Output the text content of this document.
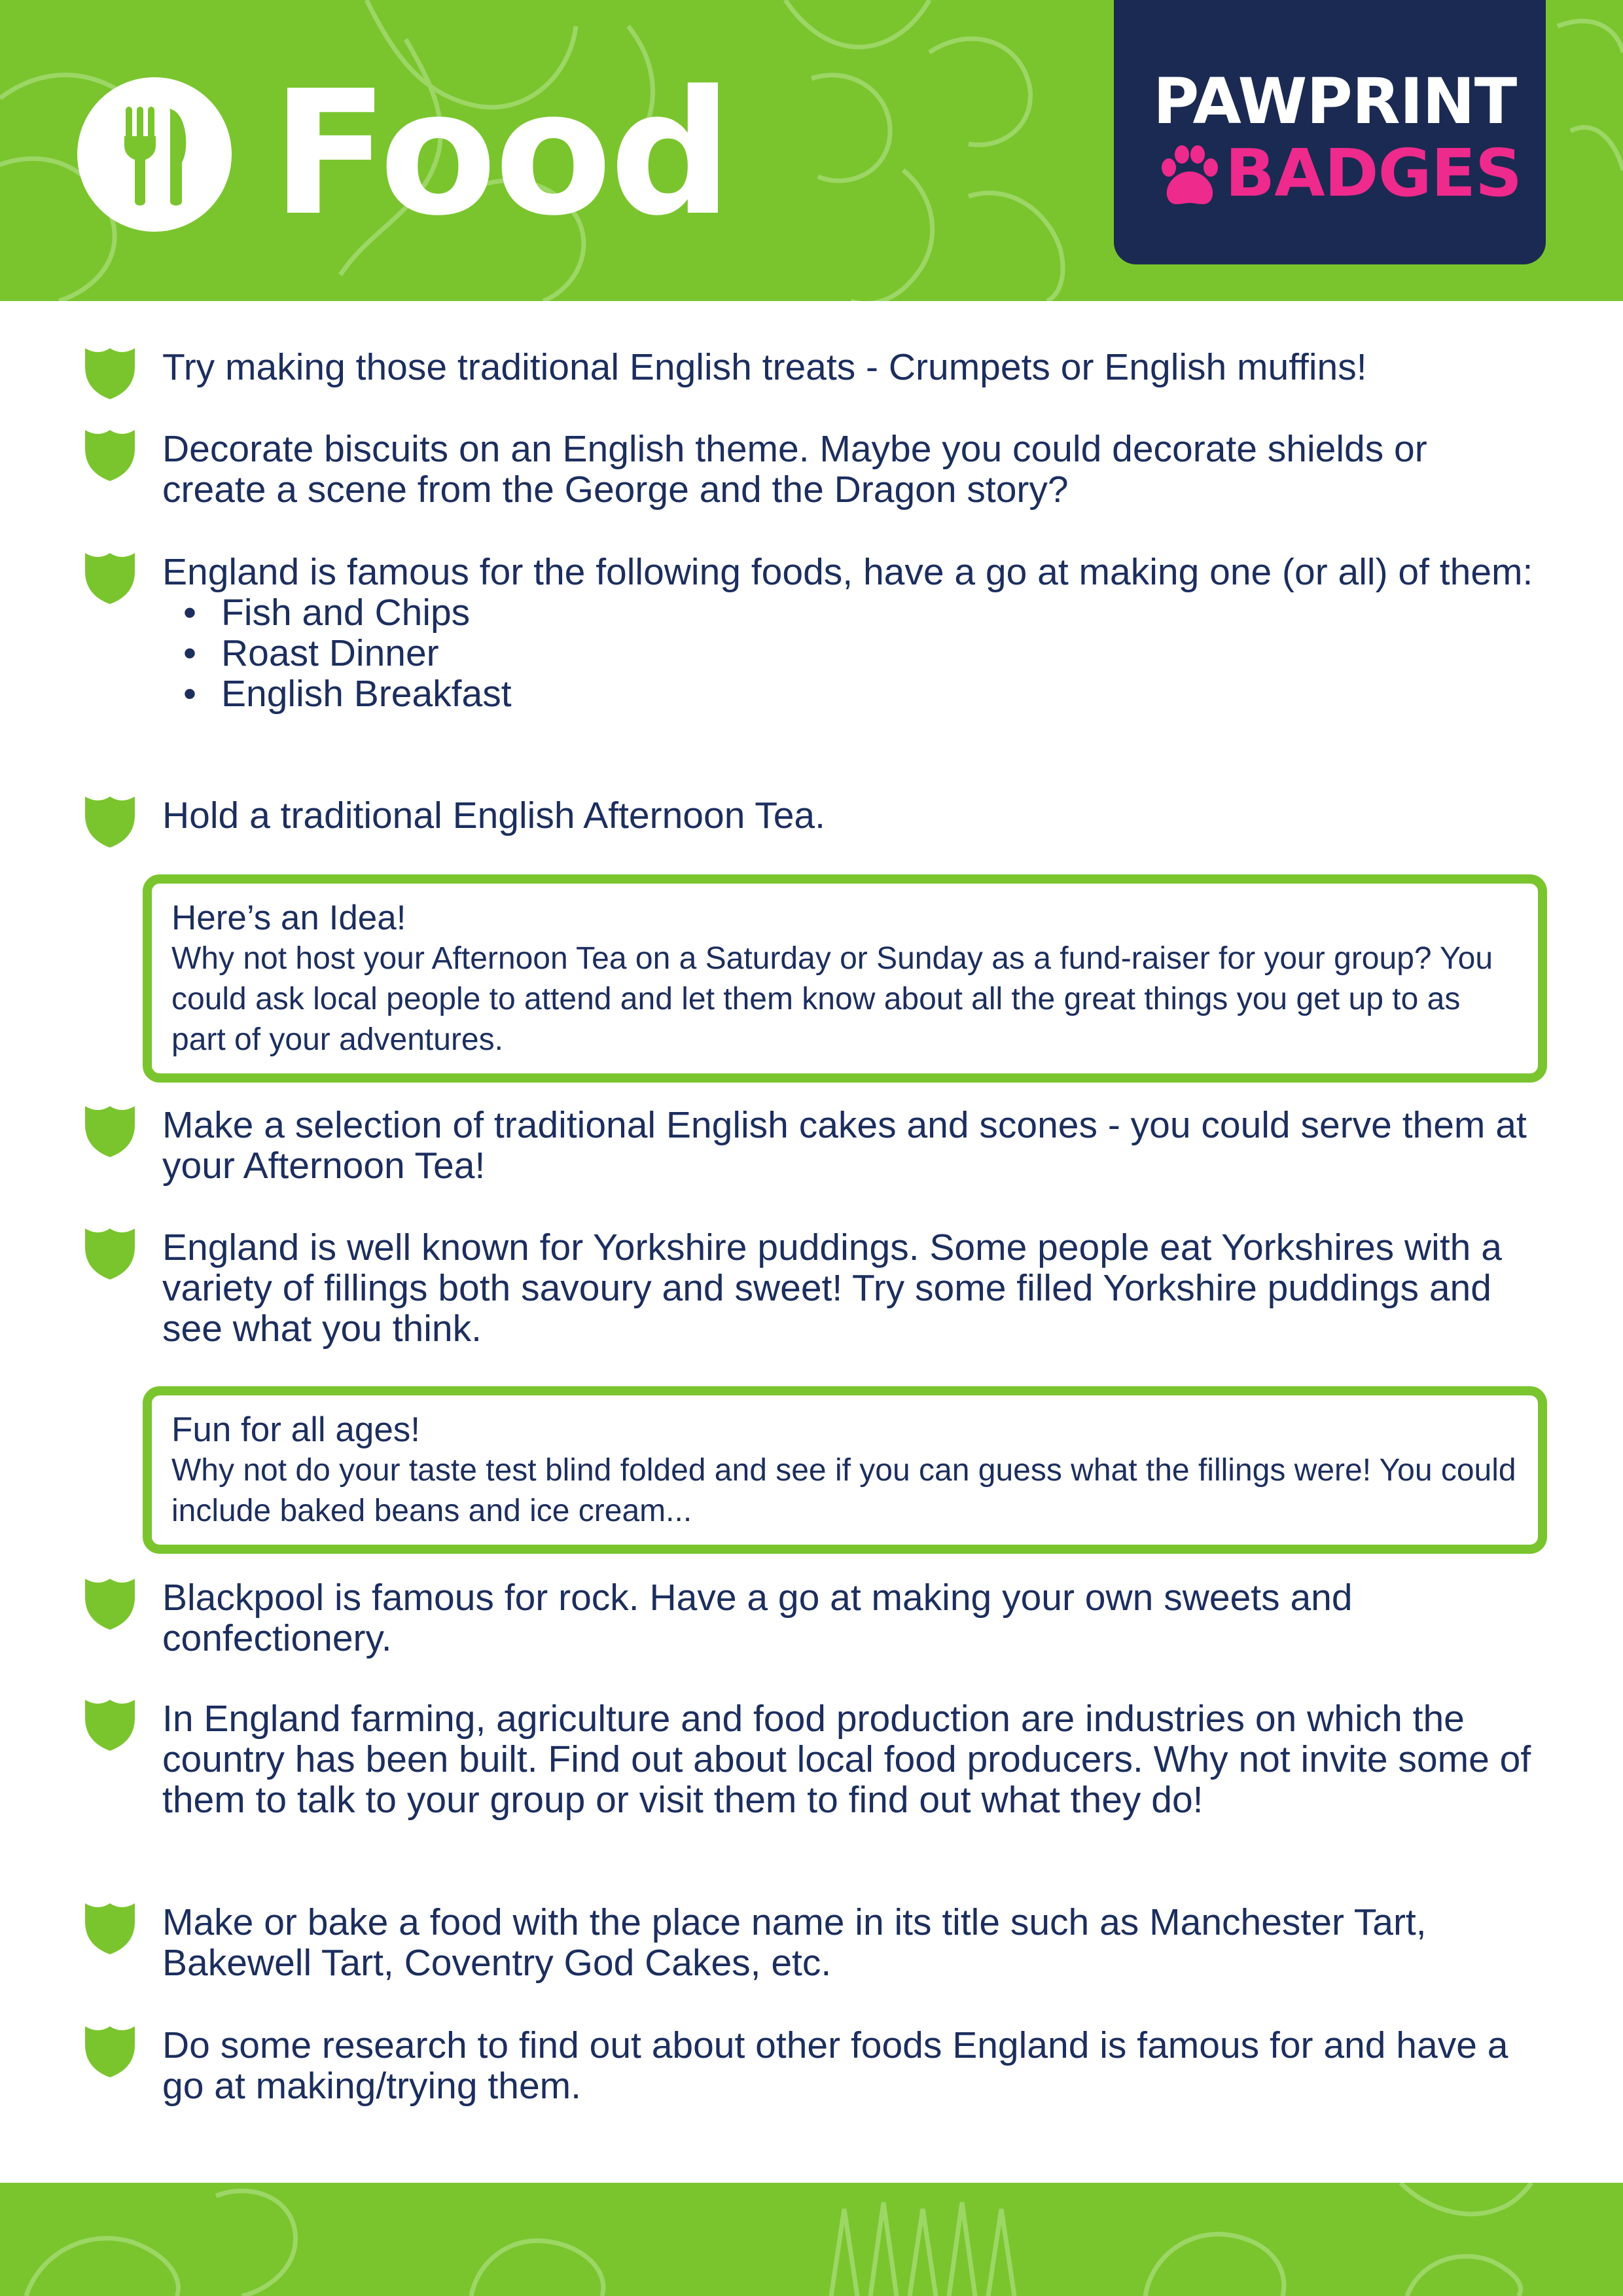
Food	PAWPRINT
BADGES

Try making those traditional English treats - Crumpets or English muffins!

Decorate biscuits on an English theme. Maybe you could decorate shields or create a scene from the George and the Dragon story?

England is famous for the following foods, have a go at making one (or all) of them:

• Fish and Chips
• Roast Dinner
• English Breakfast

Hold a traditional English Afternoon Tea.

Here’s an Idea!

Why not host your Afternoon Tea on a Saturday or Sunday as a fund-raiser for your group? You could ask local people to attend and let them know about all the great things you get up to as part of your adventures.

Make a selection of traditional English cakes and scones - you could serve them at your Afternoon Tea!

England is well known for Yorkshire puddings. Some people eat Yorkshires with a variety of fillings both savoury and sweet! Try some filled Yorkshire puddings and see what you think.

Fun for all ages!

Why not do your taste test blind folded and see if you can guess what the fillings were! You could include baked beans and ice cream...

Blackpool is famous for rock. Have a go at making your own sweets and confectionery.

In England farming, agriculture and food production are industries on which the country has been built. Find out about local food producers. Why not invite some of them to talk to your group or visit them to find out what they do!

Make or bake a food with the place name in its title such as Manchester Tart, Bakewell Tart, Coventry God Cakes, etc.

Do some research to find out about other foods England is famous for and have a go at making/trying them.
